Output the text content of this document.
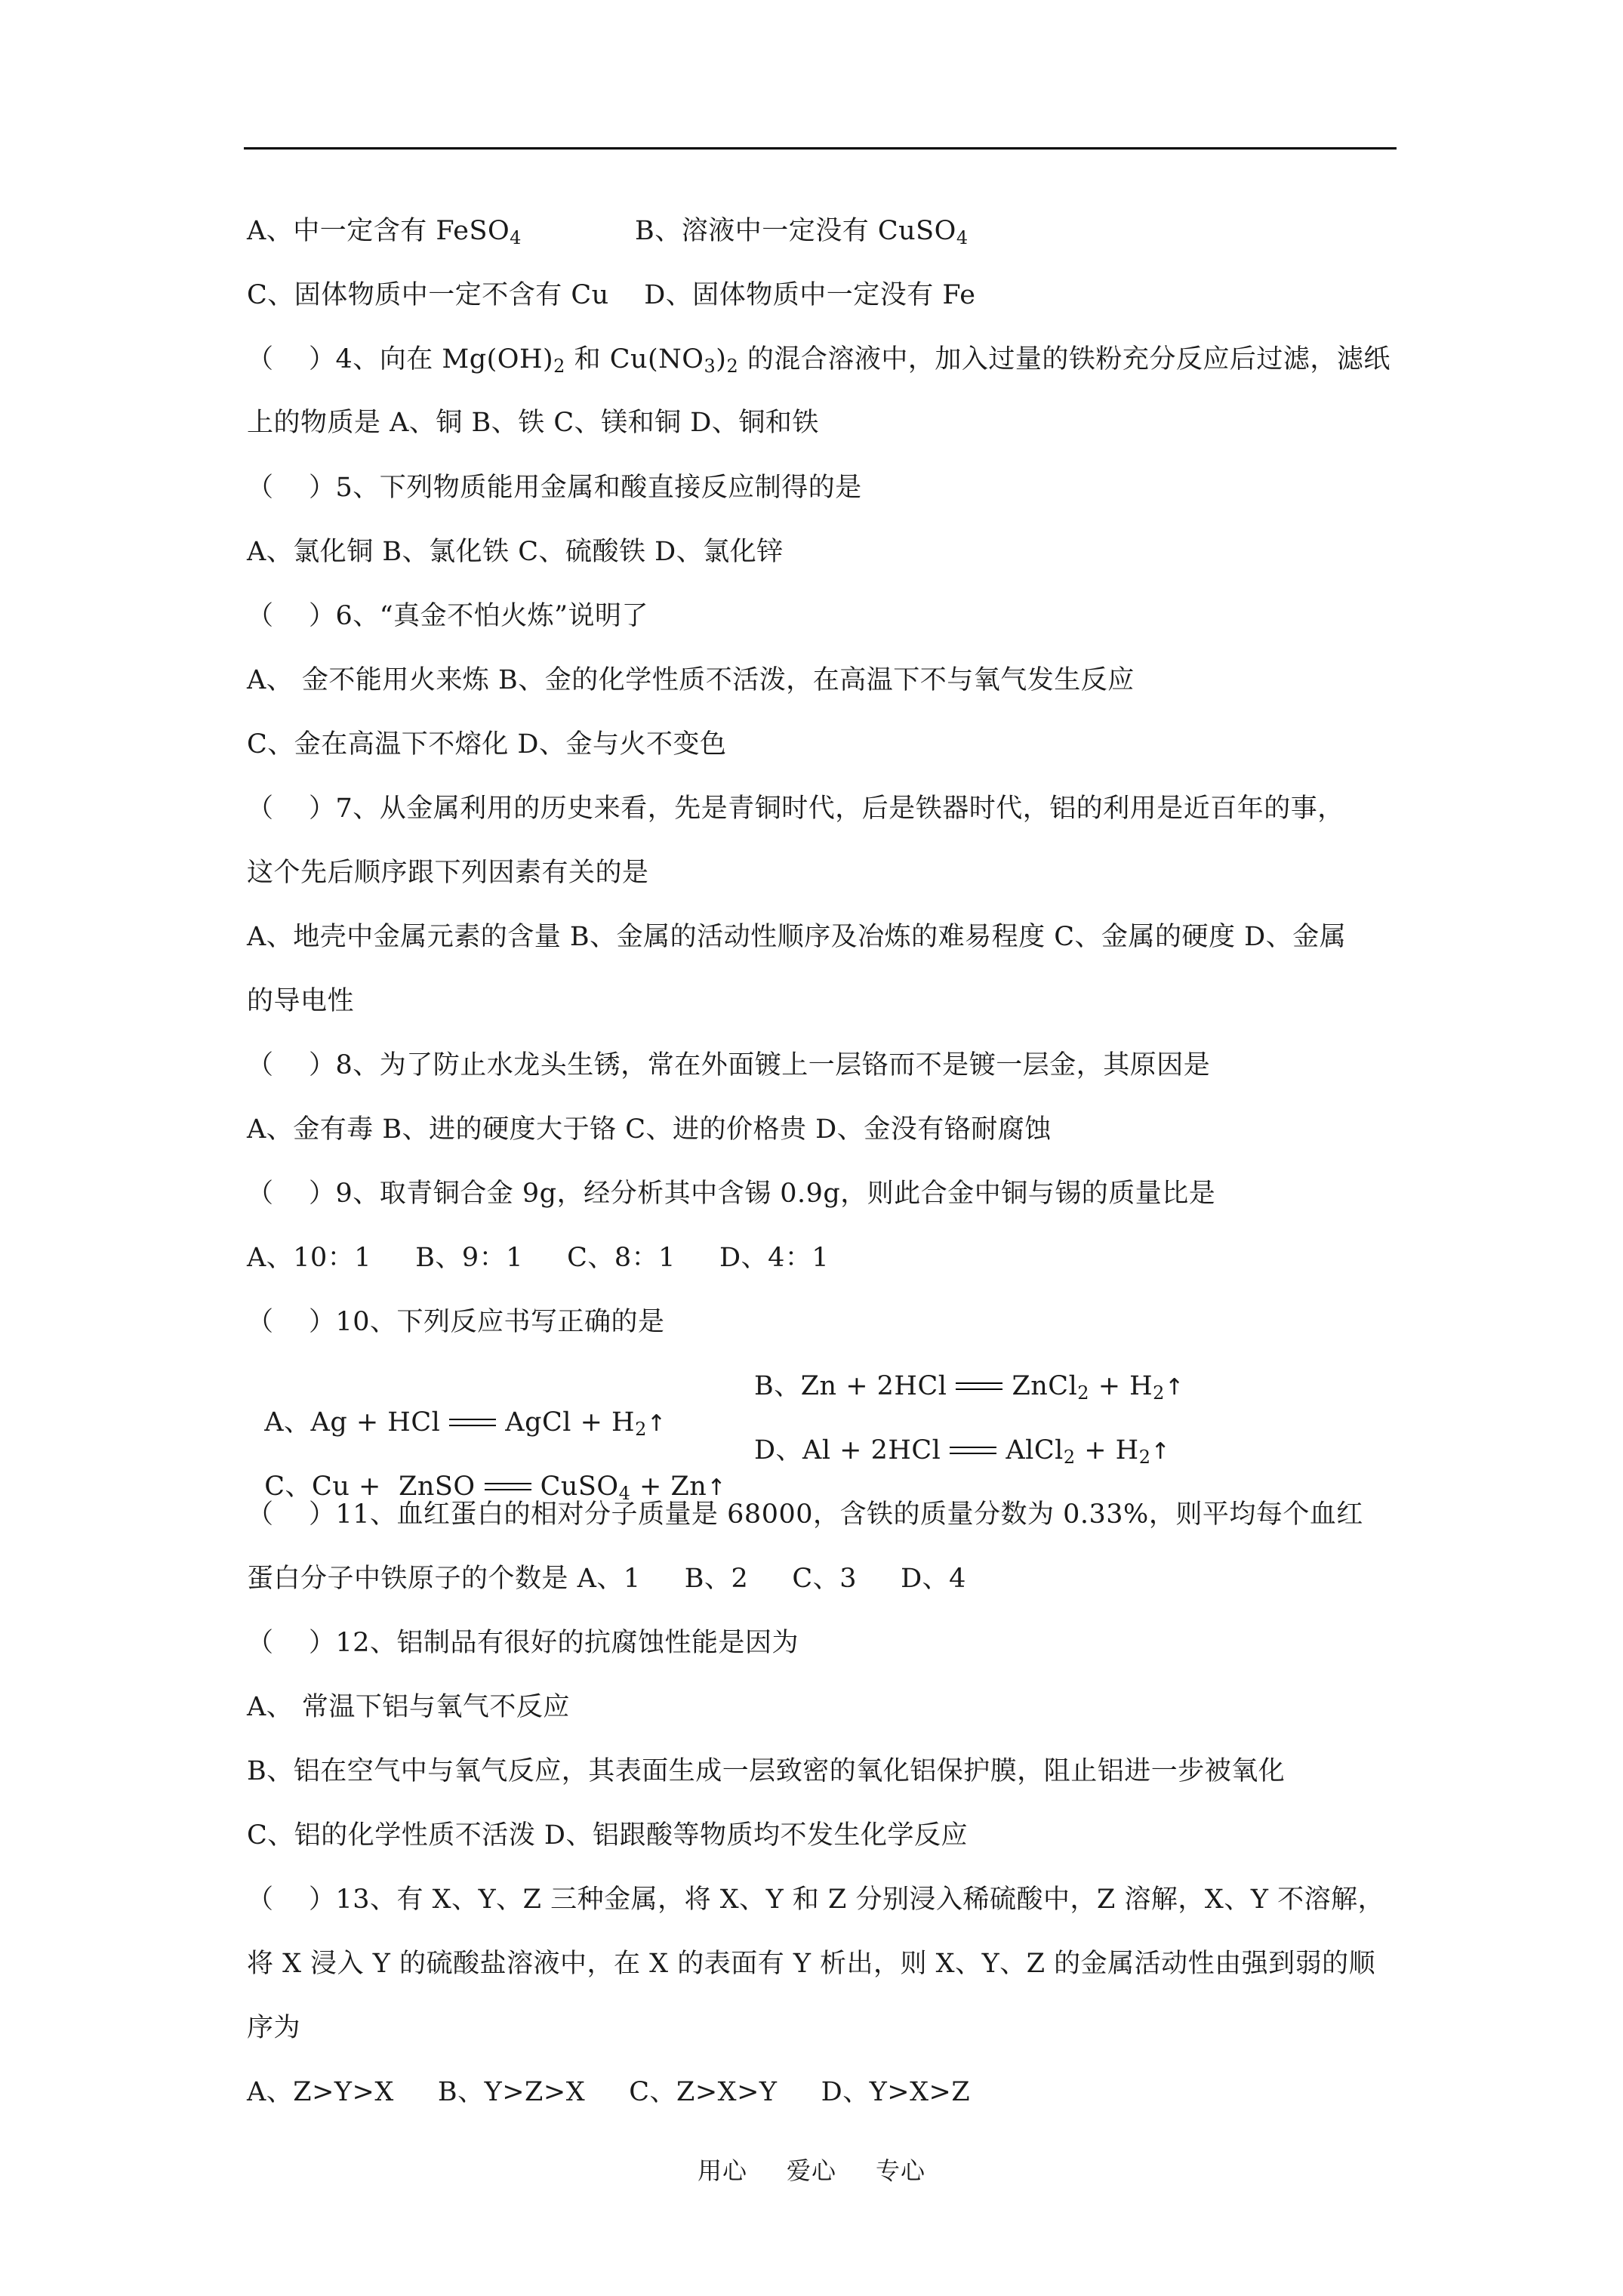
A、中一定含有 FeSO$_4$	B、溶液中一定没有 CuSO$_4$
C、固体物质中一定不含有 Cu    D、固体物质中一定没有 Fe
（    ）4、向在 $Mg(OH)_2$ 和 $Cu(NO_3)_2$ 的混合溶液中，加入过量的铁粉充分反应后过滤，滤纸
上的物质是 A、铜 B、铁 C、镁和铜 D、铜和铁
（    ）5、下列物质能用金属和酸直接反应制得的是
A、氯化铜 B、氯化铁 C、硫酸铁 D、氯化锌
（    ）6、“真金不怕火炼”说明了
A、 金不能用火来炼 B、金的化学性质不活泼，在高温下不与氧气发生反应
C、金在高温下不熔化 D、金与火不变色
（    ）7、从金属利用的历史来看，先是青铜时代，后是铁器时代，铝的利用是近百年的事，
这个先后顺序跟下列因素有关的是
A、地壳中金属元素的含量 B、金属的活动性顺序及冶炼的难易程度 C、金属的硬度 D、金属
的导电性
（    ）8、为了防止水龙头生锈，常在外面镀上一层铬而不是镀一层金，其原因是
A、金有毒 B、进的硬度大于铬 C、进的价格贵 D、金没有铬耐腐蚀
（    ）9、取青铜合金 9g，经分析其中含锡 0.9g，则此合金中铜与锡的质量比是
A、10：1     B、9：1     C、8：1     D、4：1
（    ）10、下列反应书写正确的是

A、Ag + HCl AgCl + $H_2↑$

B、Zn + 2HCl ZnCl$_2$ + $H_2↑$

C、Cu +  ZnSO CuSO$_4$ + Zn↑

D、Al + 2HCl AlCl$_2$ + $H_2↑$

（    ）11、血红蛋白的相对分子质量是 68000，含铁的质量分数为 0.33%，则平均每个血红
蛋白分子中铁原子的个数是 A、1     B、2     C、3     D、4
（    ）12、铝制品有很好的抗腐蚀性能是因为
A、 常温下铝与氧气不反应
B、铝在空气中与氧气反应，其表面生成一层致密的氧化铝保护膜，阻止铝进一步被氧化
C、铝的化学性质不活泼 D、铝跟酸等物质均不发生化学反应
（    ）13、有 X、Y、Z 三种金属，将 X、Y 和 Z 分别浸入稀硫酸中，Z 溶解，X、Y 不溶解，
将 X 浸入 Y 的硫酸盐溶液中，在 X 的表面有 Y 析出，则 X、Y、Z 的金属活动性由强到弱的顺
序为
A、Z>Y>X     B、Y>Z>X     C、Z>X>Y     D、Y>X>Z
用心 爱心 专心
